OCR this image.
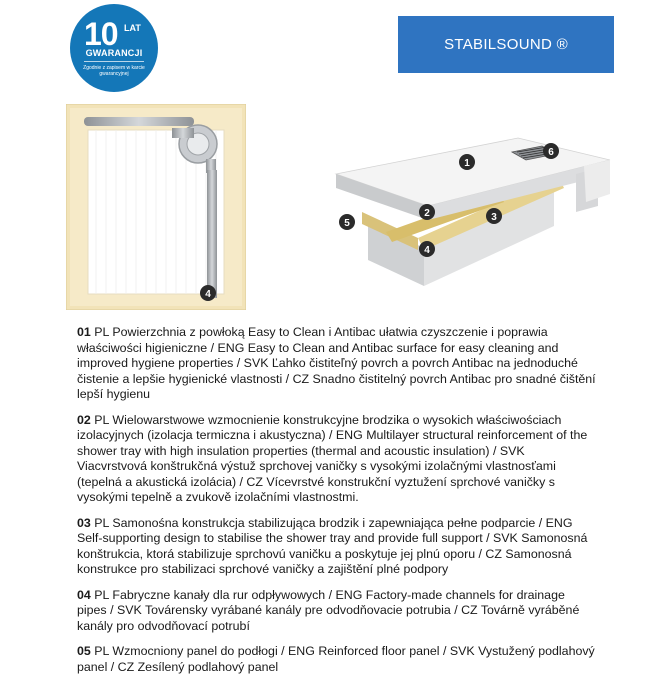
10 LAT
GWARANCJI
Zgodnie z zapisem w karcie gwarancyjnej
STABILSOUND ®
4
1
2	3
4
5
6

01 PL Powierzchnia z powłoką Easy to Clean i Antibac ułatwia czyszczenie i poprawia właściwości higieniczne / ENG Easy to Clean and Antibac surface for easy cleaning and improved hygiene properties / SVK Ľahko čistiteľný povrch a povrch Antibac na jednoduché čistenie a lepšie hygienické vlastnosti / CZ Snadno čistitelný povrch Antibac pro snadné čištění lepší hygienu

02 PL Wielowarstwowe wzmocnienie konstrukcyjne brodzika o wysokich właściwościach izolacyjnych (izolacja termiczna i akustyczna) / ENG Multilayer structural reinforcement of the shower tray with high insulation properties (thermal and acoustic insulation) / SVK Viacvrstvová konštrukčná výstuž sprchovej vaničky s vysokými izolačnými vlastnosťami (tepelná a akustická izolácia) / CZ Vícevrstvé konstrukční vyztužení sprchové vaničky s vysokými tepelně a zvukově izolačními vlastnostmi.

03 PL Samonośna konstrukcja stabilizująca brodzik i zapewniająca pełne podparcie / ENG Self-supporting design to stabilise the shower tray and provide full support / SVK Samonosná konštrukcia, ktorá stabilizuje sprchovú vaničku a poskytuje jej plnú oporu / CZ Samonosná konstrukce pro stabilizaci sprchové vaničky a zajištění plné podpory

04 PL Fabryczne kanały dla rur odpływowych / ENG Factory-made channels for drainage pipes / SVK Továrensky vyrábané kanály pre odvodňovacie potrubia / CZ Továrně vyráběné kanály pro odvodňovací potrubí

05 PL Wzmocniony panel do podłogi / ENG Reinforced floor panel / SVK Vystužený podlahový panel / CZ Zesílený podlahový panel
